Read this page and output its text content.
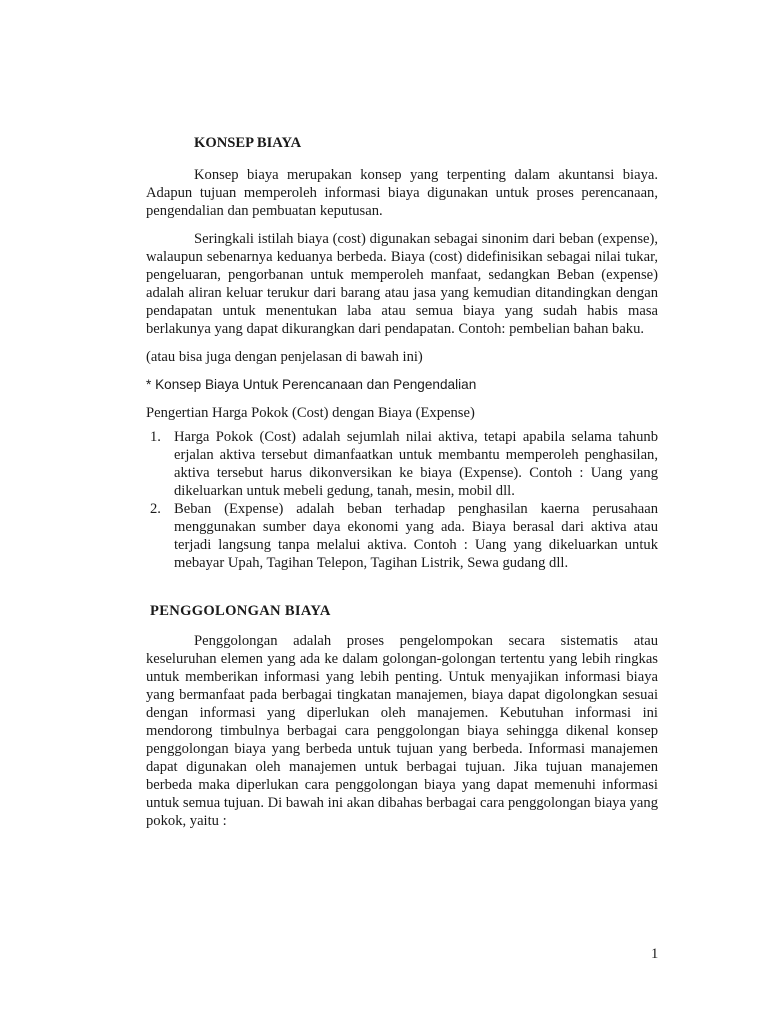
KONSEP BIAYA

Konsep biaya merupakan konsep yang terpenting dalam akuntansi biaya. Adapun tujuan memperoleh informasi biaya digunakan untuk proses perencanaan, pengendalian dan pembuatan keputusan.

Seringkali istilah biaya (cost) digunakan sebagai sinonim dari beban (expense), walaupun sebenarnya keduanya berbeda. Biaya (cost) didefinisikan sebagai nilai tukar, pengeluaran, pengorbanan untuk memperoleh manfaat, sedangkan Beban (expense) adalah aliran keluar terukur dari barang atau jasa yang kemudian ditandingkan dengan pendapatan untuk menentukan laba atau semua biaya yang sudah habis masa berlakunya yang dapat dikurangkan dari pendapatan. Contoh: pembelian bahan baku.

(atau bisa juga dengan penjelasan di bawah ini)

* Konsep Biaya Untuk Perencanaan dan Pengendalian

Pengertian Harga Pokok (Cost) dengan Biaya (Expense)

1. Harga Pokok (Cost) adalah sejumlah nilai aktiva, tetapi apabila selama tahunb erjalan aktiva tersebut dimanfaatkan untuk membantu memperoleh penghasilan, aktiva tersebut harus dikonversikan ke biaya (Expense). Contoh : Uang yang dikeluarkan untuk mebeli gedung, tanah, mesin, mobil dll.
2. Beban (Expense) adalah beban terhadap penghasilan kaerna perusahaan menggunakan sumber daya ekonomi yang ada. Biaya berasal dari aktiva atau terjadi langsung tanpa melalui aktiva. Contoh : Uang yang dikeluarkan untuk mebayar Upah, Tagihan Telepon, Tagihan Listrik, Sewa gudang dll.
PENGGOLONGAN BIAYA

Penggolongan adalah proses pengelompokan secara sistematis atau keseluruhan elemen yang ada ke dalam golongan-golongan tertentu yang lebih ringkas untuk memberikan informasi yang lebih penting. Untuk menyajikan informasi biaya yang bermanfaat pada berbagai tingkatan manajemen, biaya dapat digolongkan sesuai dengan informasi yang diperlukan oleh manajemen. Kebutuhan informasi ini mendorong timbulnya berbagai cara penggolongan biaya sehingga dikenal konsep penggolongan biaya yang berbeda untuk tujuan yang berbeda. Informasi manajemen dapat digunakan oleh manajemen untuk berbagai tujuan. Jika tujuan manajemen berbeda maka diperlukan cara penggolongan biaya yang dapat memenuhi informasi untuk semua tujuan. Di bawah ini akan dibahas berbagai cara penggolongan biaya yang pokok, yaitu :

1
